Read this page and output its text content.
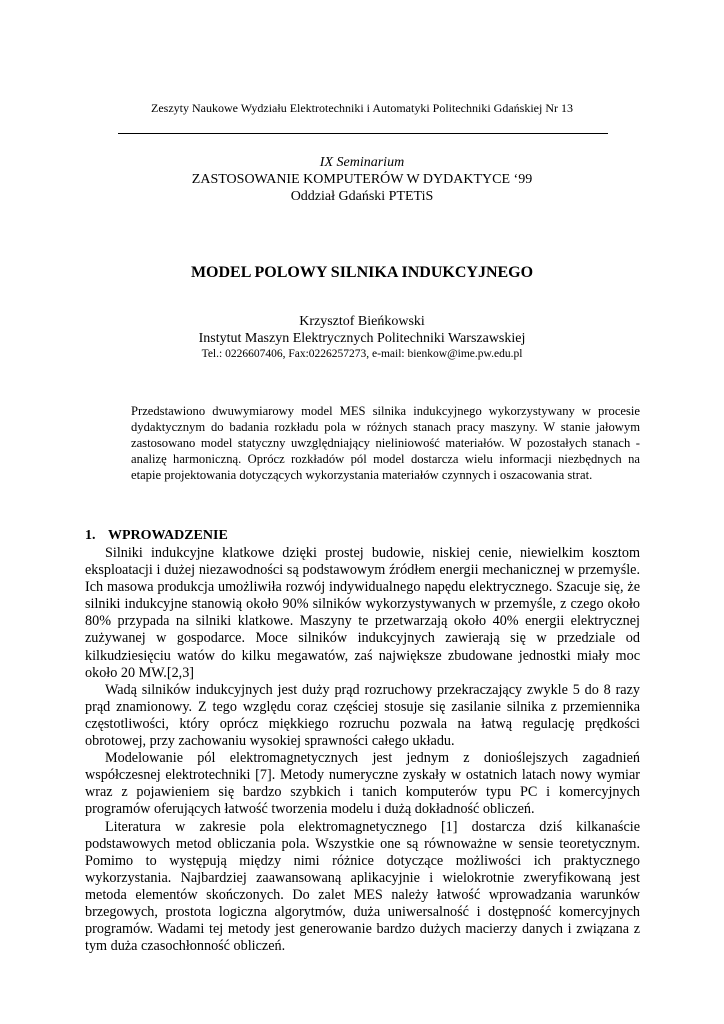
Zeszyty Naukowe Wydziału Elektrotechniki i Automatyki Politechniki Gdańskiej Nr 13
IX Seminarium
ZASTOSOWANIE KOMPUTERÓW W DYDAKTYCE ‘99
Oddział Gdański PTETiS
MODEL POLOWY SILNIKA INDUKCYJNEGO
Krzysztof Bieńkowski
Instytut Maszyn Elektrycznych Politechniki Warszawskiej
Tel.: 0226607406, Fax:0226257273, e-mail: bienkow@ime.pw.edu.pl

Przedstawiono dwuwymiarowy model MES silnika indukcyjnego wykorzystywany w procesie dydaktycznym do badania rozkładu pola w różnych stanach pracy maszyny. W stanie jałowym zastosowano model statyczny uwzględniający nieliniowość materiałów. W pozostałych stanach - analizę harmoniczną. Oprócz rozkładów pól model dostarcza wielu informacji niezbędnych na etapie projektowania dotyczących wykorzystania materiałów czynnych i oszacowania strat.

1. WPROWADZENIE

Silniki indukcyjne klatkowe dzięki prostej budowie, niskiej cenie, niewielkim kosztom eksploatacji i dużej niezawodności są podstawowym źródłem energii mechanicznej w przemyśle. Ich masowa produkcja umożliwiła rozwój indywidualnego napędu elektrycznego. Szacuje się, że silniki indukcyjne stanowią około 90% silników wykorzystywanych w przemyśle, z czego około 80% przypada na silniki klatkowe. Maszyny te przetwarzają około 40% energii elektrycznej zużywanej w gospodarce. Moce silników indukcyjnych zawierają się w przedziale od kilkudziesięciu watów do kilku megawatów, zaś największe zbudowane jednostki miały moc około 20 MW.[2,3]

Wadą silników indukcyjnych jest duży prąd rozruchowy przekraczający zwykle 5 do 8 razy prąd znamionowy. Z tego względu coraz częściej stosuje się zasilanie silnika z przemiennika częstotliwości, który oprócz miękkiego rozruchu pozwala na łatwą regulację prędkości obrotowej, przy zachowaniu wysokiej sprawności całego układu.

Modelowanie pól elektromagnetycznych jest jednym z donioślejszych zagadnień współczesnej elektrotechniki [7]. Metody numeryczne zyskały w ostatnich latach nowy wymiar wraz z pojawieniem się bardzo szybkich i tanich komputerów typu PC i komercyjnych programów oferujących łatwość tworzenia modelu i dużą dokładność obliczeń.

Literatura w zakresie pola elektromagnetycznego [1] dostarcza dziś kilkanaście podstawowych metod obliczania pola. Wszystkie one są równoważne w sensie teoretycznym. Pomimo to występują między nimi różnice dotyczące możliwości ich praktycznego wykorzystania. Najbardziej zaawansowaną aplikacyjnie i wielokrotnie zweryfikowaną jest metoda elementów skończonych. Do zalet MES należy łatwość wprowadzania warunków brzegowych, prostota logiczna algorytmów, duża uniwersalność i dostępność komercyjnych programów. Wadami tej metody jest generowanie bardzo dużych macierzy danych i związana z tym duża czasochłonność obliczeń.
